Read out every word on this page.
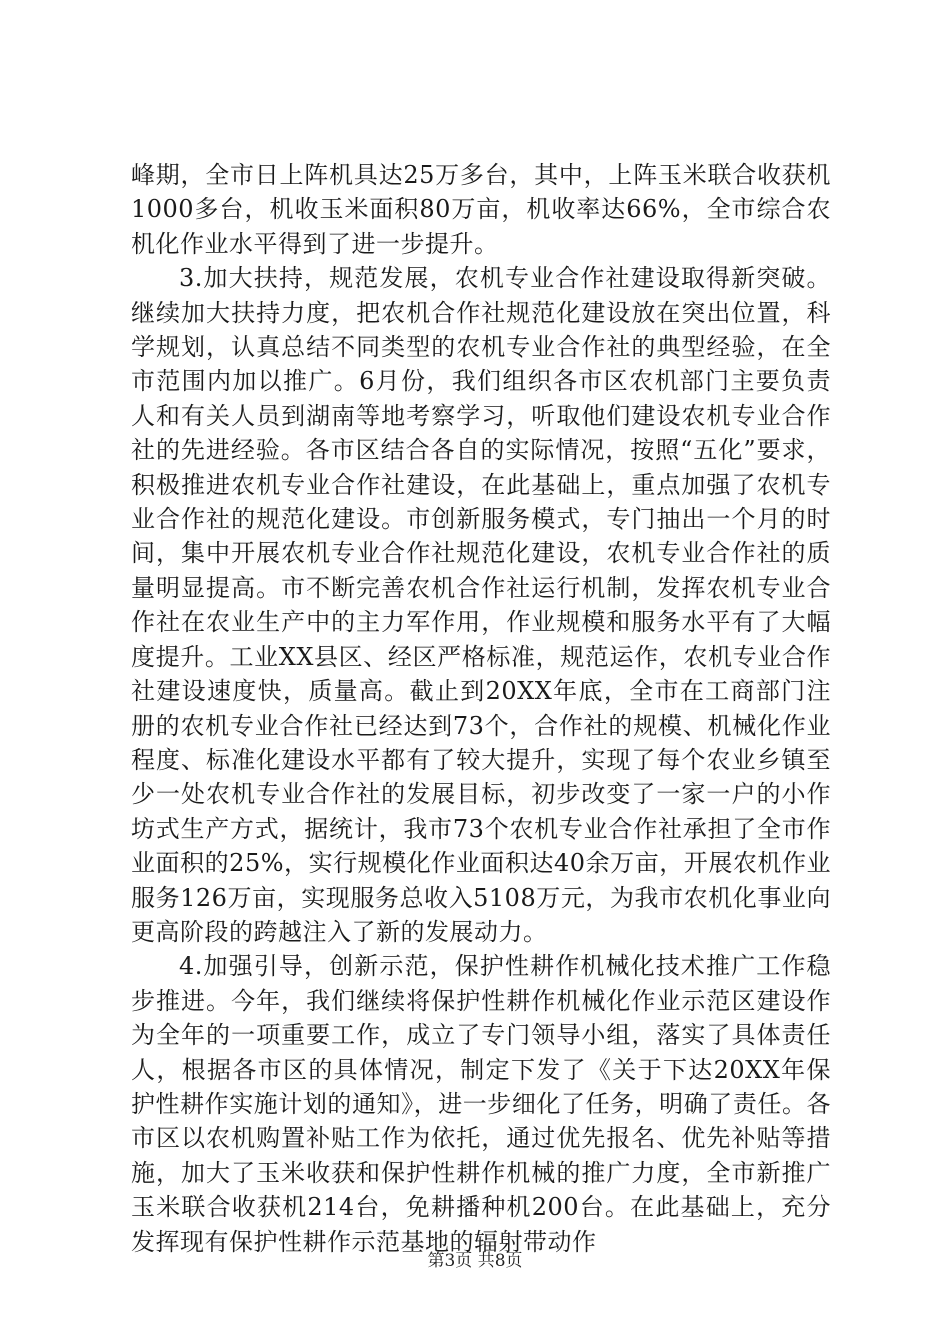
峰期，全市日上阵机具达25万多台，其中，上阵玉米联合收获机1000多台，机收玉米面积80万亩，机收率达66%，全市综合农机化作业水平得到了进一步提升。

3.加大扶持，规范发展，农机专业合作社建设取得新突破。继续加大扶持力度，把农机合作社规范化建设放在突出位置，科学规划，认真总结不同类型的农机专业合作社的典型经验，在全市范围内加以推广。6月份，我们组织各市区农机部门主要负责人和有关人员到湖南等地考察学习，听取他们建设农机专业合作社的先进经验。各市区结合各自的实际情况，按照“五化”要求，积极推进农机专业合作社建设，在此基础上，重点加强了农机专业合作社的规范化建设。市创新服务模式，专门抽出一个月的时间，集中开展农机专业合作社规范化建设，农机专业合作社的质量明显提高。市不断完善农机合作社运行机制，发挥农机专业合作社在农业生产中的主力军作用，作业规模和服务水平有了大幅度提升。工业XX县区、经区严格标准，规范运作，农机专业合作社建设速度快，质量高。截止到20XX年底，全市在工商部门注册的农机专业合作社已经达到73个，合作社的规模、机械化作业程度、标准化建设水平都有了较大提升，实现了每个农业乡镇至少一处农机专业合作社的发展目标，初步改变了一家一户的小作坊式生产方式，据统计，我市73个农机专业合作社承担了全市作业面积的25%，实行规模化作业面积达40余万亩，开展农机作业服务126万亩，实现服务总收入5108万元，为我市农机化事业向更高阶段的跨越注入了新的发展动力。

4.加强引导，创新示范，保护性耕作机械化技术推广工作稳步推进。今年，我们继续将保护性耕作机械化作业示范区建设作为全年的一项重要工作，成立了专门领导小组，落实了具体责任人，根据各市区的具体情况，制定下发了《关于下达20XX年保护性耕作实施计划的通知》，进一步细化了任务，明确了责任。各市区以农机购置补贴工作为依托，通过优先报名、优先补贴等措施，加大了玉米收获和保护性耕作机械的推广力度，全市新推广玉米联合收获机214台，免耕播种机200台。在此基础上，充分发挥现有保护性耕作示范基地的辐射带动作

第3页 共8页
